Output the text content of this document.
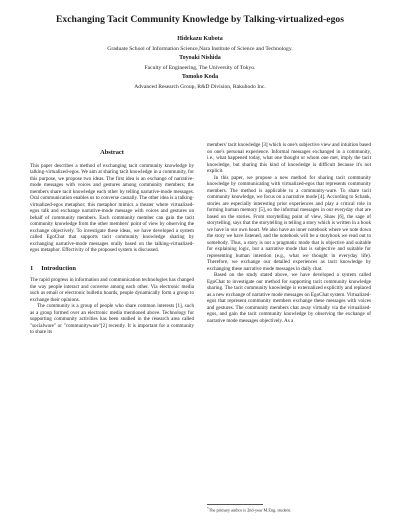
Exchanging Tacit Community Knowledge by Talking-virtualized-egos
Hidekazu Kubota
Graduate School of Information Science,Nara Institute of Science and Technology.
Toyoaki Nishida
Faculty of Engineering, The University of Tokyo.
Tomoko Koda
Advanced Research Group, R&D Division, Rakuhodo Inc.
Abstract

This paper describes a method of exchanging tacit community knowledge by talking-virtualized-egos. We aim at sharing tacit knowledge in a community, for this purpose, we propose two ideas. The first idea is an exchange of narrative-mode messages with voices and gestures among community members; the members share tacit knowledge each other by telling narrative-mode messages. Oral communication enables us to converse casually. The other idea is a talking-virtualized-egos metaphor; this metaphor mimics a theater where virtualized-egos talk and exchange narrative-mode message with voices and gestures on behalf of community members. Each community member can gain the tacit community knowledge from the other members' point of view by observing the exchange objectively. To investigate these ideas, we have developed a system called EgoChat that supports tacit community knowledge sharing by exchanging narrative-mode messages orally based on the talking-virtualized-egos metaphor. Effectivity of the proposed system is discussed.

1 Introduction

The rapid progress in information and communication technologies has changed the way people interact and converse among each other. Via electronic media such as email or electronic bulletin boards, people dynamically form a group to exchange their opinions.

The community is a group of people who share common interests [1], such as a group formed over an electronic media mentioned above. Technology for supporting community activities has been studied in the research area called "socialware" or "communityware"[2] recently. It is important for a community to share its

members' tacit knowledge [3] which is one's subjective view and intuition based on one's personal experience. Informal messages exchanged in a community, i.e., what happened today, what one thought or whom one met, imply the tacit knowledge, but sharing this kind of knowledge is difficult because it's not explicit.

In this paper, we propose a new method for sharing tacit community knowledge by communicating with virtualized-egos that represents community members. The method is applicable to a community-ware. To share tacit community knowledge, we focus on a narrative mode [4]. According to Schank, stories are especially interesting prior experiences and play a critical role in forming human memory [5], so the informal messages in our everyday chat are based on the stories. From storytelling point of view, Shaw [6], the sage of storytelling, says that the storytelling is telling a story which is written in a book we have in our own heart. We also have an inner notebook where we note down the story we have listened, and the notebook will be a storybook we read out to somebody. Thus, a story is not a pragmatic mode that is objective and suitable for explaining logic, but a narrative mode that is subjective and suitable for representing human intention (e.g., what we thought in everyday life). Therefore, we exchange our detailed experiences as tacit knowledge by exchanging these narrative mode messages in daily chat.

Based on the study stated above, we have developed a system called EgoChat to investigate our method for supporting tacit community knowledge sharing. The tacit community knowledge is externalized explicitly and replaced as a new exchange of narrative mode messages on EgoChat system. Virtualized-egos that represent community members exchange these messages with voices and gestures. The community members chat away virtually via the virtualized-egos, and gain the tacit community knowledge by observing the exchange of narrative mode messages objectively. As a

*The primary author is 2nd-year M.Eng. student.
